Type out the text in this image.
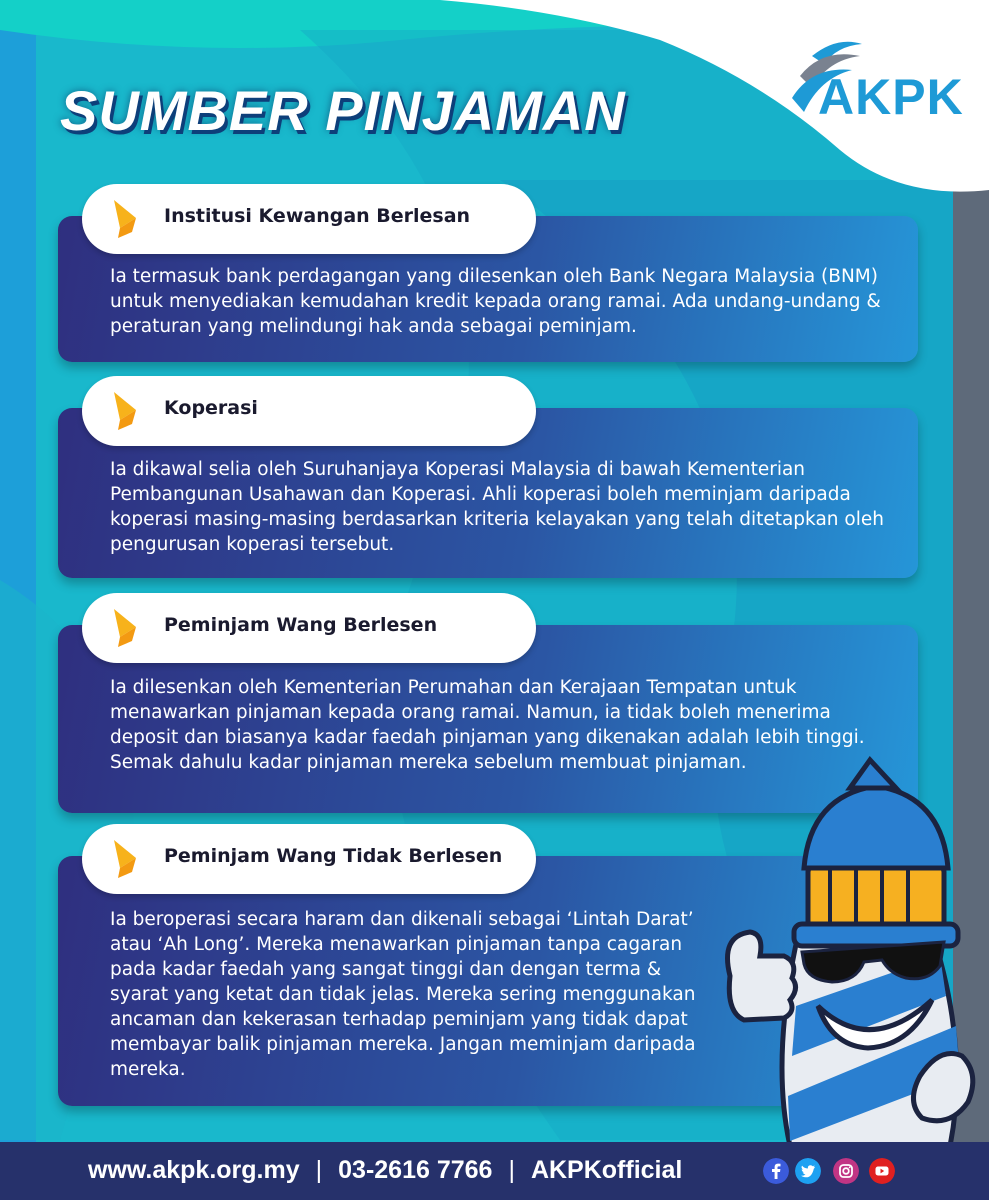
AKPK
SUMBER PINJAMAN
Institusi Kewangan Berlesan
Ia termasuk bank perdagangan yang dilesenkan oleh Bank Negara Malaysia (BNM) untuk menyediakan kemudahan kredit kepada orang ramai. Ada undang-undang & peraturan yang melindungi hak anda sebagai peminjam.
Koperasi
Ia dikawal selia oleh Suruhanjaya Koperasi Malaysia di bawah Kementerian Pembangunan Usahawan dan Koperasi. Ahli koperasi boleh meminjam daripada koperasi masing-masing berdasarkan kriteria kelayakan yang telah ditetapkan oleh pengurusan koperasi tersebut.
Peminjam Wang Berlesen
Ia dilesenkan oleh Kementerian Perumahan dan Kerajaan Tempatan untuk menawarkan pinjaman kepada orang ramai. Namun, ia tidak boleh menerima deposit dan biasanya kadar faedah pinjaman yang dikenakan adalah lebih tinggi. Semak dahulu kadar pinjaman mereka sebelum membuat pinjaman.
Peminjam Wang Tidak Berlesen
Ia beroperasi secara haram dan dikenali sebagai ‘Lintah Darat’ atau ‘Ah Long’. Mereka menawarkan pinjaman tanpa cagaran pada kadar faedah yang sangat tinggi dan dengan terma & syarat yang ketat dan tidak jelas. Mereka sering menggunakan ancaman dan kekerasan terhadap peminjam yang tidak dapat membayar balik pinjaman mereka. Jangan meminjam daripada mereka.
www.akpk.org.my | 03-2616 7766 | AKPKofficial
